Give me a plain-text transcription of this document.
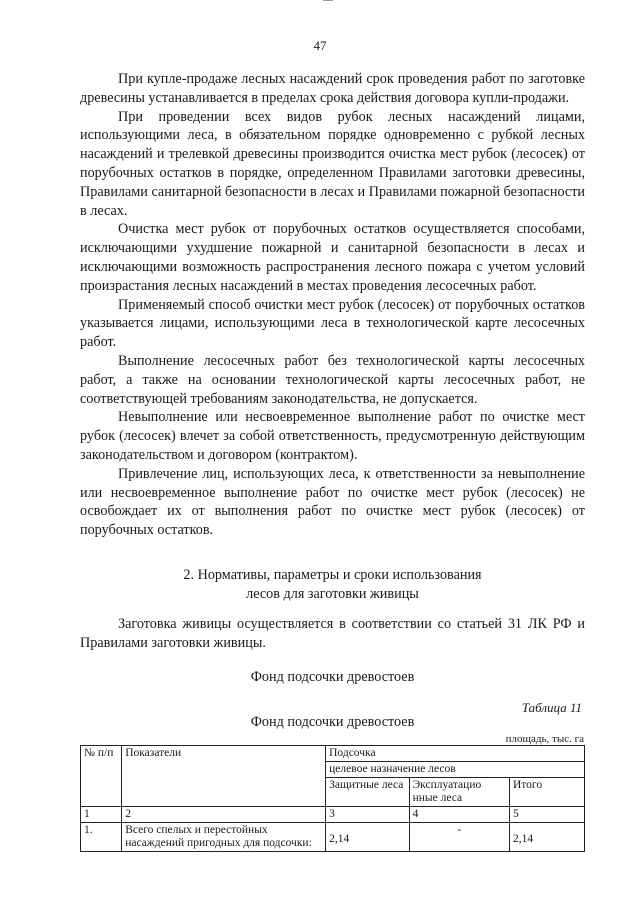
47

При купле-продаже лесных насаждений срок проведения работ по заготовке древесины устанавливается в пределах срока действия договора купли-продажи.

При проведении всех видов рубок лесных насаждений лицами, использующими леса, в обязательном порядке одновременно с рубкой лесных насаждений и трелевкой древесины производится очистка мест рубок (лесосек) от порубочных остатков в порядке, определенном Правилами заготовки древесины, Правилами санитарной безопасности в лесах и Правилами пожарной безопасности в лесах.

Очистка мест рубок от порубочных остатков осуществляется способами, исключающими ухудшение пожарной и санитарной безопасности в лесах и исключающими возможность распространения лесного пожара с учетом условий произрастания лесных насаждений в местах проведения лесосечных работ.

Применяемый способ очистки мест рубок (лесосек) от порубочных остатков указывается лицами, использующими леса в технологической карте лесосечных работ.

Выполнение лесосечных работ без технологической карты лесосечных работ, а также на основании технологической карты лесосечных работ, не соответствующей требованиям законодательства, не допускается.

Невыполнение или несвоевременное выполнение работ по очистке мест рубок (лесосек) влечет за собой ответственность, предусмотренную действующим законодательством и договором (контрактом).

Привлечение лиц, использующих леса, к ответственности за невыполнение или несвоевременное выполнение работ по очистке мест рубок (лесосек) не освобождает их от выполнения работ по очистке мест рубок (лесосек) от порубочных остатков.

2. Нормативы, параметры и сроки использования
лесов для заготовки живицы

Заготовка живицы осуществляется в соответствии со статьей 31 ЛК РФ и Правилами заготовки живицы.

Фонд подсочки древостоев
Таблица 11
Фонд подсочки древостоев
площадь, тыс. га
№ п/п	Показатели	Подсочка		
		целевое назначение лесов		
		Защитные леса	Эксплуатацио нные леса	Итого
1	2	3	4	5
1.	Всего спелых и перестойных насаждений пригодных для подсочки:	2,14	-	2,14
